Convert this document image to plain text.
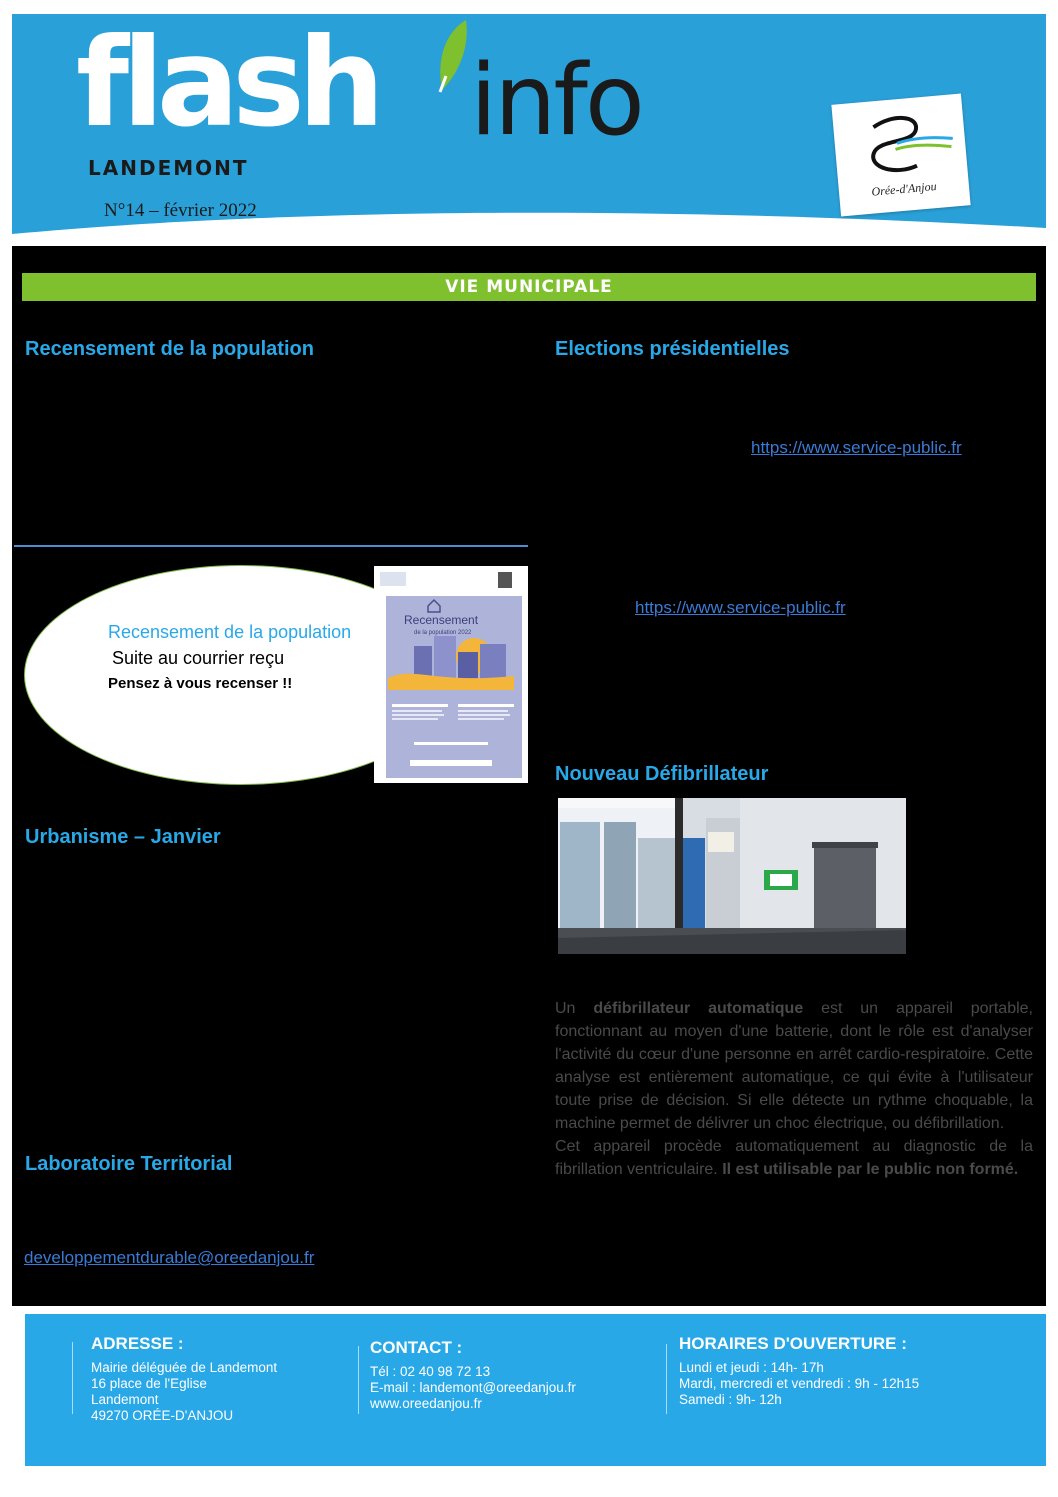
flash info
LANDEMONT
N°14 – février 2022
Orée-d'Anjou
VIE MUNICIPALE
Recensement de la population	Elections présidentielles
https://www.service-public.fr
Recensement de la population
Suite au courrier reçu
Pensez à vous recenser !!
Recensement
de la population 2022
https://www.service-public.fr
Nouveau Défibrillateur
Urbanisme – Janvier
Un défibrillateur automatique est un appareil portable, fonctionnant au moyen d'une batterie, dont le rôle est d'analyser l'activité du cœur d'une personne en arrêt cardio-respiratoire. Cette analyse est entièrement automatique, ce qui évite à l'utilisateur toute prise de décision. Si elle détecte un rythme choquable, la machine permet de délivrer un choc électrique, ou défibrillation.
Cet appareil procède automatiquement au diagnostic de la fibrillation ventriculaire. Il est utilisable par le public non formé.
Laboratoire Territorial
developpementdurable@oreedanjou.fr
ADRESSE :
Mairie déléguée de Landemont
16 place de l'Eglise
Landemont
49270 ORÉE-D'ANJOU
CONTACT :
Tél : 02 40 98 72 13
E-mail : landemont@oreedanjou.fr
www.oreedanjou.fr
HORAIRES D'OUVERTURE :
Lundi et jeudi : 14h- 17h
Mardi, mercredi et vendredi : 9h - 12h15
Samedi : 9h- 12h
